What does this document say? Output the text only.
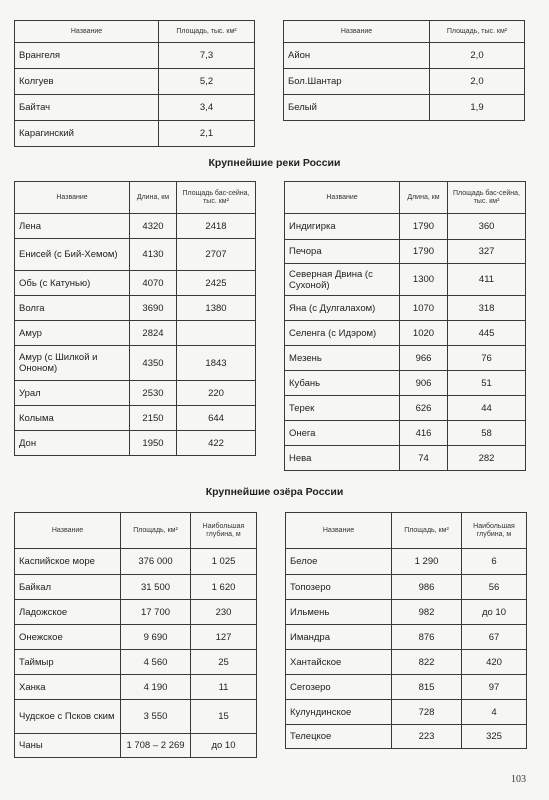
Название	Площадь, тыс. км²
Врангеля	7,3
Колгуев	5,2
Байтач	3,4
Карагинский	2,1
Название	Площадь, тыс. км²
Айон	2,0
Бол.Шантар	2,0
Белый	1,9
Крупнейшие реки России
Название	Длина, км	Площадь бас-сейна, тыс. км²
Лена	4320	2418
Енисей (с Бий-Хемом)	4130	2707
Обь (с Катунью)	4070	2425
Волга	3690	1380
Амур	2824	
Амур (с Шилкой и Ононом)	4350	1843
Урал	2530	220
Колыма	2150	644
Дон	1950	422
Название	Длина, км	Площадь бас-сейна, тыс. км²
Индигирка	1790	360
Печора	1790	327
Северная Двина (с Сухоной)	1300	411
Яна (с Дулгалахом)	1070	318
Селенга (с Идэром)	1020	445
Мезень	966	76
Кубань	906	51
Терек	626	44
Онега	416	58
Нева	74	282
Крупнейшие озёра России
Название	Площадь, км²	Наибольшая глубина, м
Каспийское море	376 000	1 025
Байкал	31 500	1 620
Ладожское	17 700	230
Онежское	9 690	127
Таймыр	4 560	25
Ханка	4 190	11
Чудское с Псков ским	3 550	15
Чаны	1 708 – 2 269	до 10
Название	Площадь, км²	Наибольшая глубина, м
Белое	1 290	6
Топозеро	986	56
Ильмень	982	до 10
Имандра	876	67
Хантайское	822	420
Сегозеро	815	97
Кулундинское	728	4
Телецкое	223	325
103
